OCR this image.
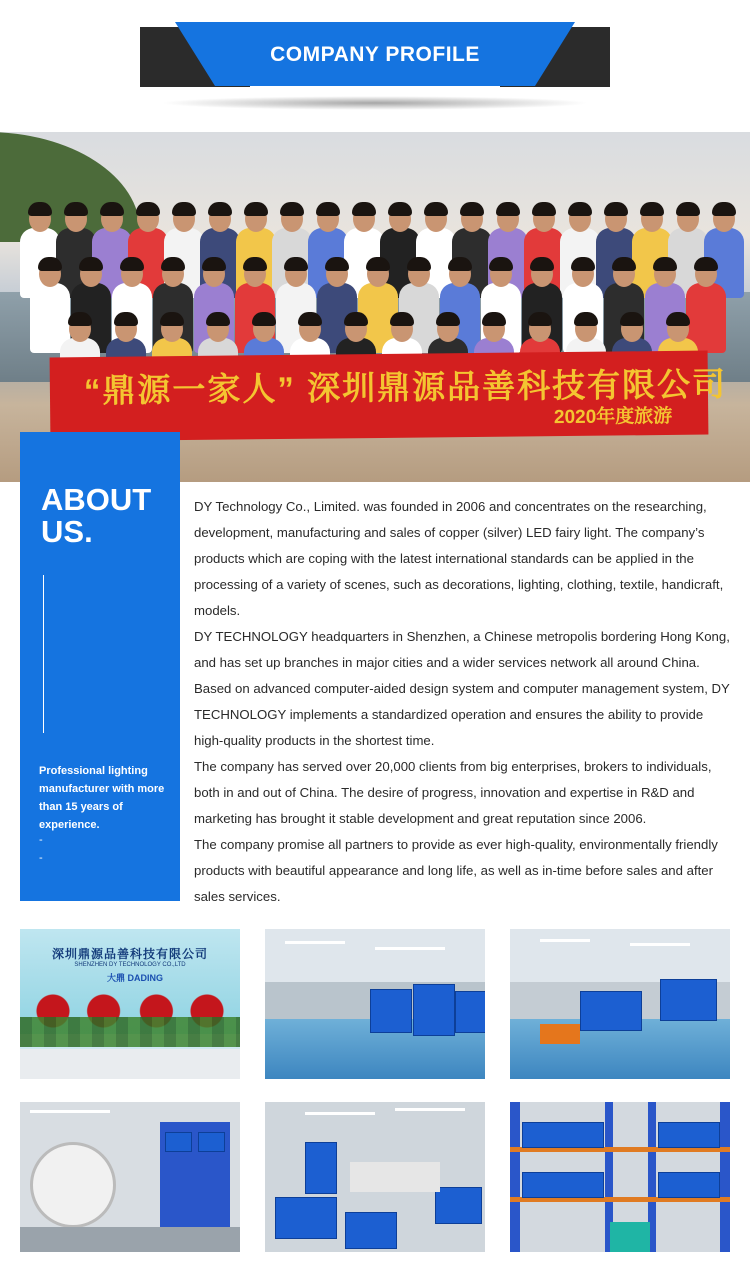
COMPANY PROFILE
“鼎源一家人” 深圳鼎源品善科技有限公司
2020年度旅游
ABOUT
US.
Professional lighting manufacturer with more than 15 years of experience.
-
-

DY Technology Co., Limited. was founded in 2006 and concentrates on the researching, development, manufacturing and sales of copper (silver) LED fairy light. The company’s products which are coping with the latest international standards can be applied in the processing of a variety of scenes, such as decorations, lighting, clothing, textile, handicraft, models.

DY TECHNOLOGY headquarters in Shenzhen, a Chinese metropolis bordering Hong Kong, and has set up branches in major cities and a wider services network all around China. Based on advanced computer-aided design system and computer management system, DY TECHNOLOGY implements a standardized operation and ensures the ability to provide high-quality products in the shortest time.

The company has served over 20,000 clients from big enterprises, brokers to individuals, both in and out of China. The desire of progress, innovation and expertise in R&D and marketing has brought it stable development and great reputation since 2006.

The company promise all partners to provide as ever high-quality, environmentally friendly products with beautiful appearance and long life, as well as in-time before sales and after sales services.

深圳鼎源品善科技有限公司
SHENZHEN DY TECHNOLOGY CO.,LTD
大鼎 DADING
